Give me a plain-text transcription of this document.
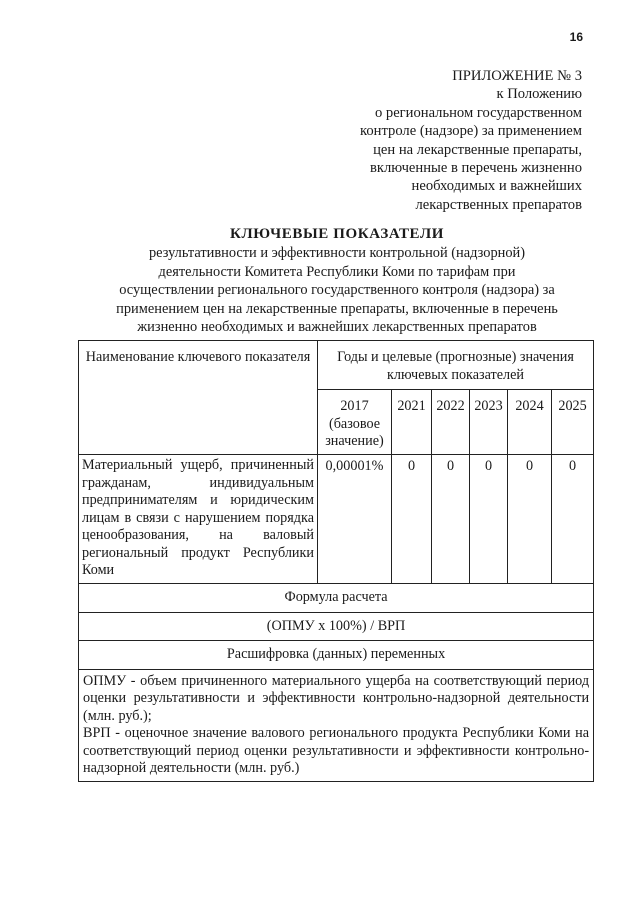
16
ПРИЛОЖЕНИЕ № 3
к Положению
о региональном государственном
контроле (надзоре) за применением
цен на лекарственные препараты,
включенные в перечень жизненно
необходимых и важнейших
лекарственных препаратов
КЛЮЧЕВЫЕ ПОКАЗАТЕЛИ
результативности и эффективности контрольной (надзорной)
деятельности Комитета Республики Коми по тарифам при
осуществлении регионального государственного контроля (надзора) за
применением цен на лекарственные препараты, включенные в перечень
жизненно необходимых и важнейших лекарственных препаратов
Наименование ключевого показателя	Годы и целевые (прогнозные) значения ключевых показателей					
	2017 (базовое значение)	2021	2022	2023	2024	2025
Материальный ущерб, причиненный гражданам, индивидуальным предпринимателям и юридическим лицам в связи с нарушением порядка ценообразования, на валовый региональный продукт Республики Коми	0,00001%	0	0	0	0	0
Формула расчета						
(ОПМУ х 100%) / ВРП						
Расшифровка (данных) переменных						

ОПМУ - объем причиненного материального ущерба на соответствующий период оценки результативности и эффективности контрольно-надзорной деятельности (млн. руб.);

ВРП - оценочное значение валового регионального продукта Республики Коми на соответствующий период оценки результативности и эффективности контрольно-надзорной деятельности (млн. руб.)						
